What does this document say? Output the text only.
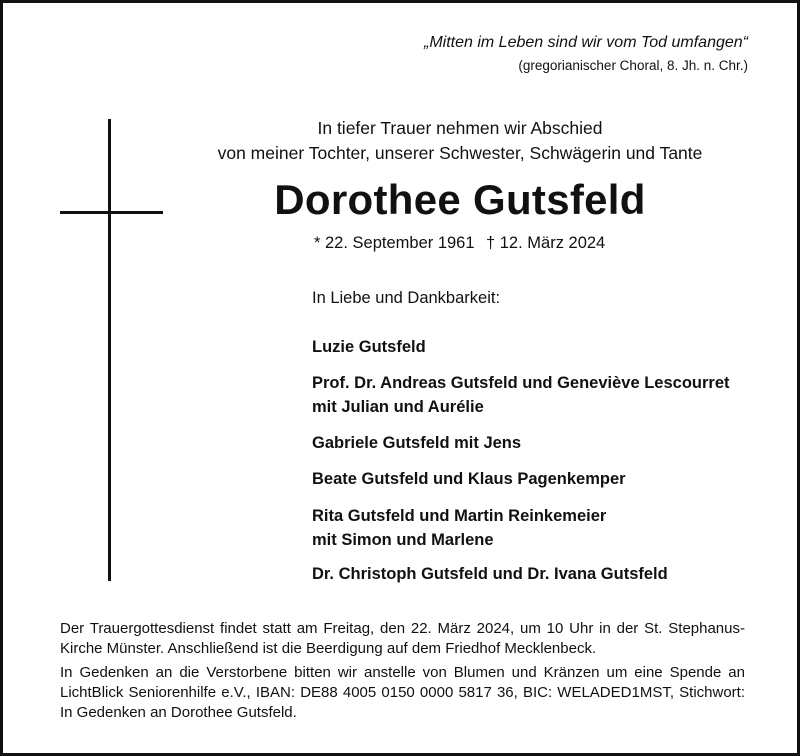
„Mitten im Leben sind wir vom Tod umfangen“
(gregorianischer Choral, 8. Jh. n. Chr.)
In tiefer Trauer nehmen wir Abschied
von meiner Tochter, unserer Schwester, Schwägerin und Tante
Dorothee Gutsfeld
* 22. September 1961 † 12. März 2024
In Liebe und Dankbarkeit:
Luzie Gutsfeld
Prof. Dr. Andreas Gutsfeld und Geneviève Lescourret
mit Julian und Aurélie
Gabriele Gutsfeld mit Jens
Beate Gutsfeld und Klaus Pagenkemper
Rita Gutsfeld und Martin Reinkemeier
mit Simon und Marlene
Dr. Christoph Gutsfeld und Dr. Ivana Gutsfeld
Der Trauergottesdienst findet statt am Freitag, den 22. März 2024, um 10 Uhr in der St. Stephanus-Kirche Münster. Anschließend ist die Beerdigung auf dem Friedhof Mecklenbeck.
In Gedenken an die Verstorbene bitten wir anstelle von Blumen und Kränzen um eine Spende an LichtBlick Seniorenhilfe e.V., IBAN: DE88 4005 0150 0000 5817 36, BIC: WELADED1MST, Stichwort: In Gedenken an Dorothee Gutsfeld.
